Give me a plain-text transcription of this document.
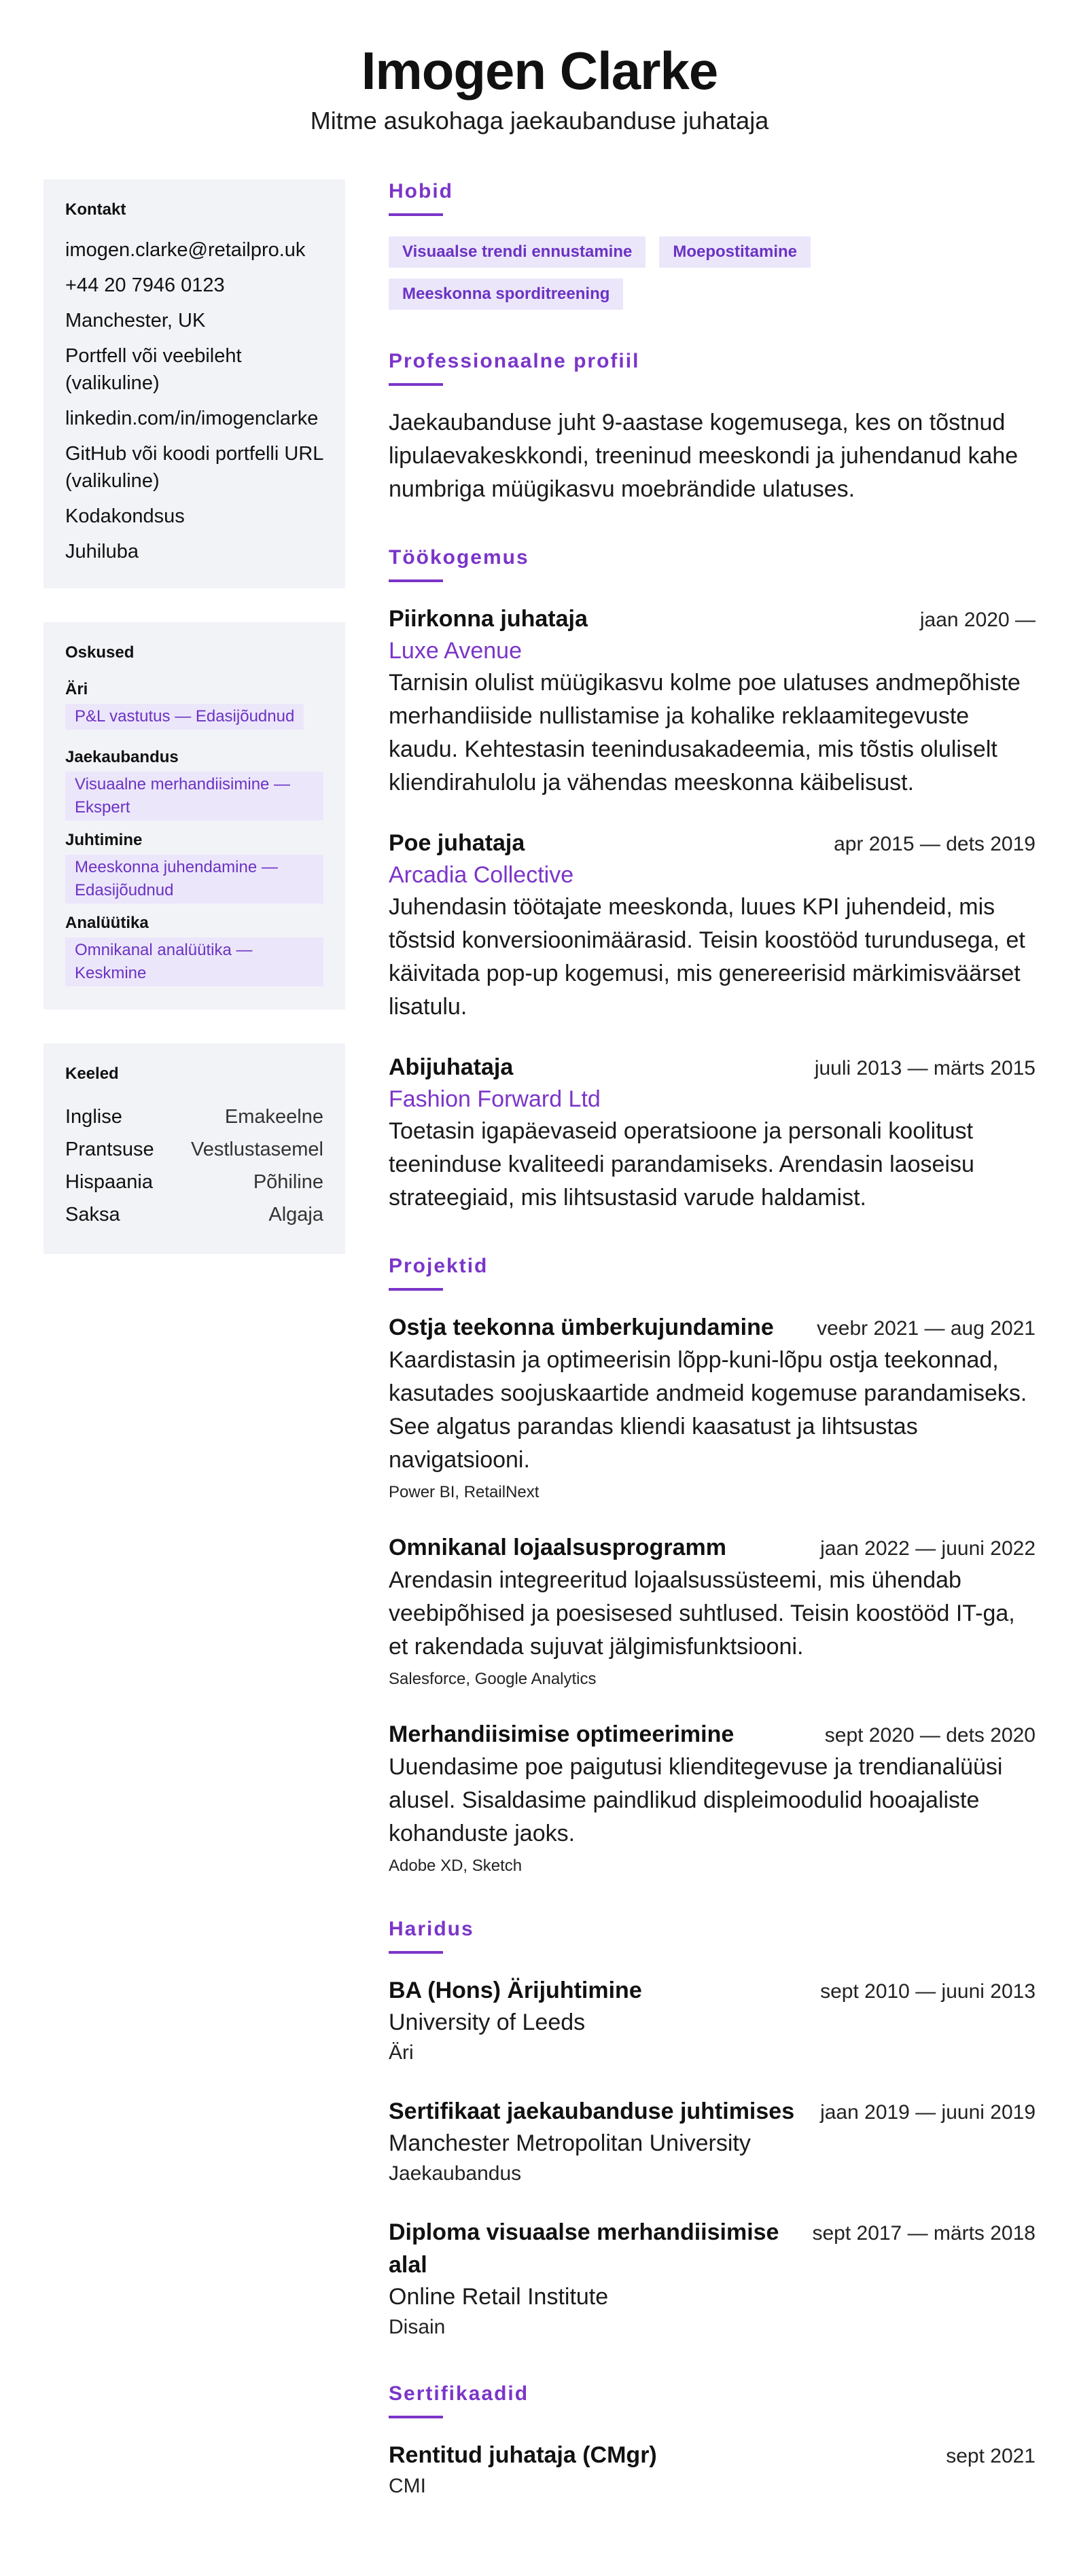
Imogen Clarke
Mitme asukohaga jaekaubanduse juhataja
Kontakt
imogen.clarke@retailpro.uk
+44 20 7946 0123
Manchester, UK
Portfell või veebileht (valikuline)
linkedin.com/in/imogenclarke
GitHub või koodi portfelli URL (valikuline)
Kodakondsus
Juhiluba
Oskused
Äri
P&L vastutus — Edasijõudnud
Jaekaubandus
Visuaalne merhandiisimine — Ekspert
Juhtimine
Meeskonna juhendamine — Edasijõudnud
Analüütika
Omnikanal analüütika — Keskmine
Keeled
Inglise	Emakeelne
Prantsuse Vestlustasemel
Hispaania	Põhiline
Saksa	Algaja
Hobid
Visuaalse trendi ennustamine	Moepostitamine
Meeskonna sporditreening
Professionaalne profiil

Jaekaubanduse juht 9-aastase kogemusega, kes on tõstnud lipulaevakeskkondi, treeninud meeskondi ja juhendanud kahe numbriga müügikasvu moebrändide ulatuses.

Töökogemus
Piirkonna juhataja	jaan 2020 —
Luxe Avenue

Tarnisin olulist müügikasvu kolme poe ulatuses andmepõhiste merhandiiside nullistamise ja kohalike reklaamitegevuste kaudu. Kehtestasin teenindusakadeemia, mis tõstis oluliselt kliendirahulolu ja vähendas meeskonna käibelisust.

Poe juhataja	apr 2015 — dets 2019
Arcadia Collective

Juhendasin töötajate meeskonda, luues KPI juhendeid, mis tõstsid konversioonimäärasid. Teisin koostööd turundusega, et käivitada pop-up kogemusi, mis genereerisid märkimisväärset lisatulu.

Abijuhataja	juuli 2013 — märts 2015
Fashion Forward Ltd

Toetasin igapäevaseid operatsioone ja personali koolitust teeninduse kvaliteedi parandamiseks. Arendasin laoseisu strateegiaid, mis lihtsustasid varude haldamist.

Projektid
Ostja teekonna ümberkujundamine veebr 2021 — aug 2021

Kaardistasin ja optimeerisin lõpp-kuni-lõpu ostja teekonnad, kasutades soojuskaartide andmeid kogemuse parandamiseks. See algatus parandas kliendi kaasatust ja lihtsustas navigatsiooni.

Power BI, RetailNext
Omnikanal lojaalsusprogramm	jaan 2022 — juuni 2022

Arendasin integreeritud lojaalsussüsteemi, mis ühendab veebipõhised ja poesisesed suhtlused. Teisin koostööd IT-ga, et rakendada sujuvat jälgimisfunktsiooni.

Salesforce, Google Analytics
Merhandiisimise optimeerimine	sept 2020 — dets 2020

Uuendasime poe paigutusi klienditegevuse ja trendianalüüsi alusel. Sisaldasime paindlikud displeimoodulid hooajaliste kohanduste jaoks.

Adobe XD, Sketch
Haridus
BA (Hons) Ärijuhtimine	sept 2010 — juuni 2013
University of Leeds
Äri
Sertifikaat jaekaubanduse juhtimises jaan 2019 — juuni 2019
Manchester Metropolitan University
Jaekaubandus
Diploma visuaalse merhandiisimise alal
sept 2017 — märts 2018
Online Retail Institute
Disain
Sertifikaadid
Rentitud juhataja (CMgr)	sept 2021
CMI
